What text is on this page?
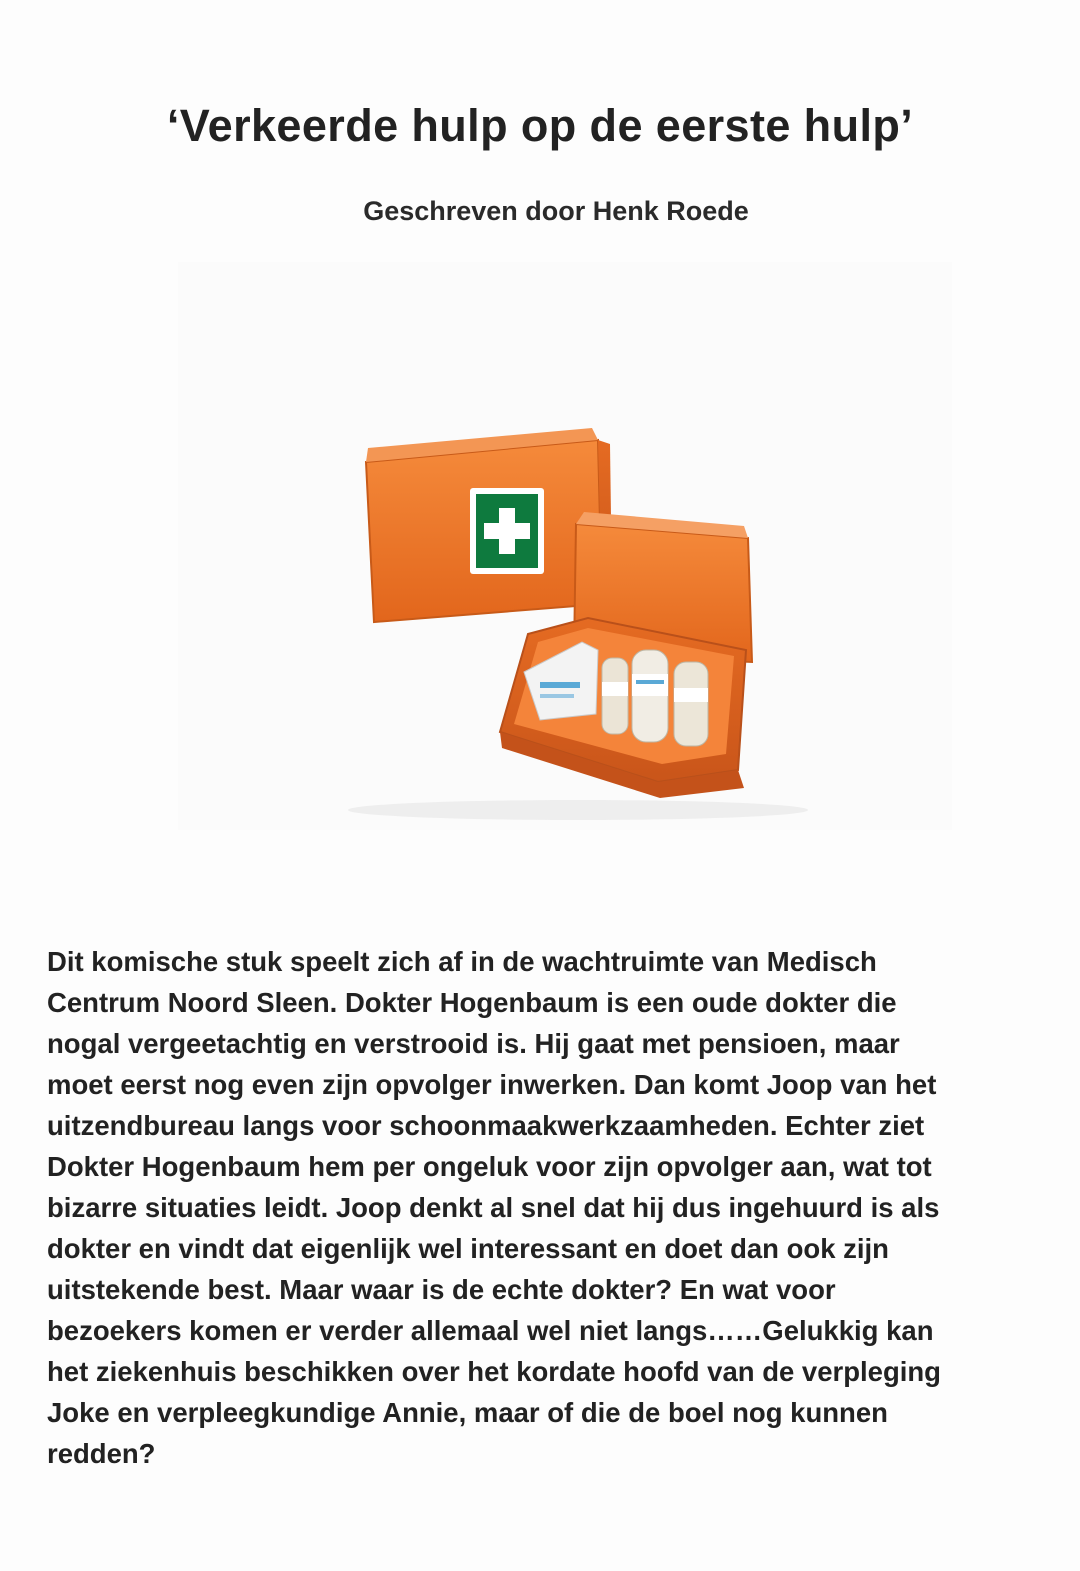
‘Verkeerde hulp op de eerste hulp’
Geschreven door Henk Roede
Dit komische stuk speelt zich af in de wachtruimte van Medisch
Centrum Noord Sleen. Dokter Hogenbaum is een oude dokter die
nogal vergeetachtig en verstrooid is. Hij gaat met pensioen, maar
moet eerst nog even zijn opvolger inwerken. Dan komt Joop van het
uitzendbureau langs voor schoonmaakwerkzaamheden. Echter ziet
Dokter Hogenbaum hem per ongeluk voor zijn opvolger aan, wat tot
bizarre situaties leidt. Joop denkt al snel dat hij dus ingehuurd is als
dokter en vindt dat eigenlijk wel interessant en doet dan ook zijn
uitstekende best. Maar waar is de echte dokter? En wat voor
bezoekers komen er verder allemaal wel niet langs……Gelukkig kan
het ziekenhuis beschikken over het kordate hoofd van de verpleging
Joke en verpleegkundige Annie, maar of die de boel nog kunnen
redden?
